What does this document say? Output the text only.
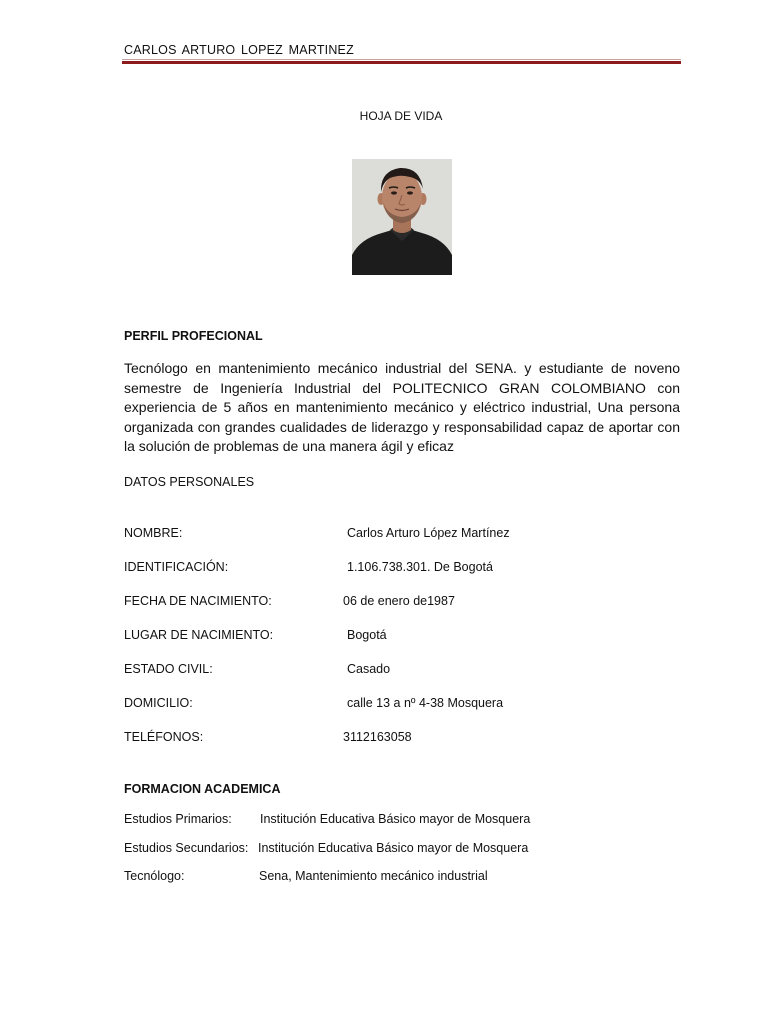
CARLOS ARTURO LOPEZ MARTINEZ
HOJA DE VIDA
PERFIL PROFECIONAL
Tecnólogo en mantenimiento mecánico industrial del SENA. y estudiante de noveno semestre de Ingeniería Industrial del POLITECNICO GRAN COLOMBIANO con experiencia de 5 años en mantenimiento mecánico y eléctrico industrial, Una persona organizada con grandes cualidades de liderazgo y responsabilidad capaz de aportar con la solución de problemas de una manera ágil y eficaz
DATOS PERSONALES
NOMBRE:	Carlos Arturo López Martínez
IDENTIFICACIÓN:	1.106.738.301. De Bogotá
FECHA DE NACIMIENTO:	06 de enero de1987
LUGAR DE NACIMIENTO:	Bogotá
ESTADO CIVIL:	Casado
DOMICILIO:	calle 13 a nº 4-38 Mosquera
TELÉFONOS:	3112163058
FORMACION ACADEMICA
Estudios Primarios: Institución Educativa Básico mayor de Mosquera
Estudios Secundarios: Institución Educativa Básico mayor de Mosquera
Tecnólogo:	Sena, Mantenimiento mecánico industrial
